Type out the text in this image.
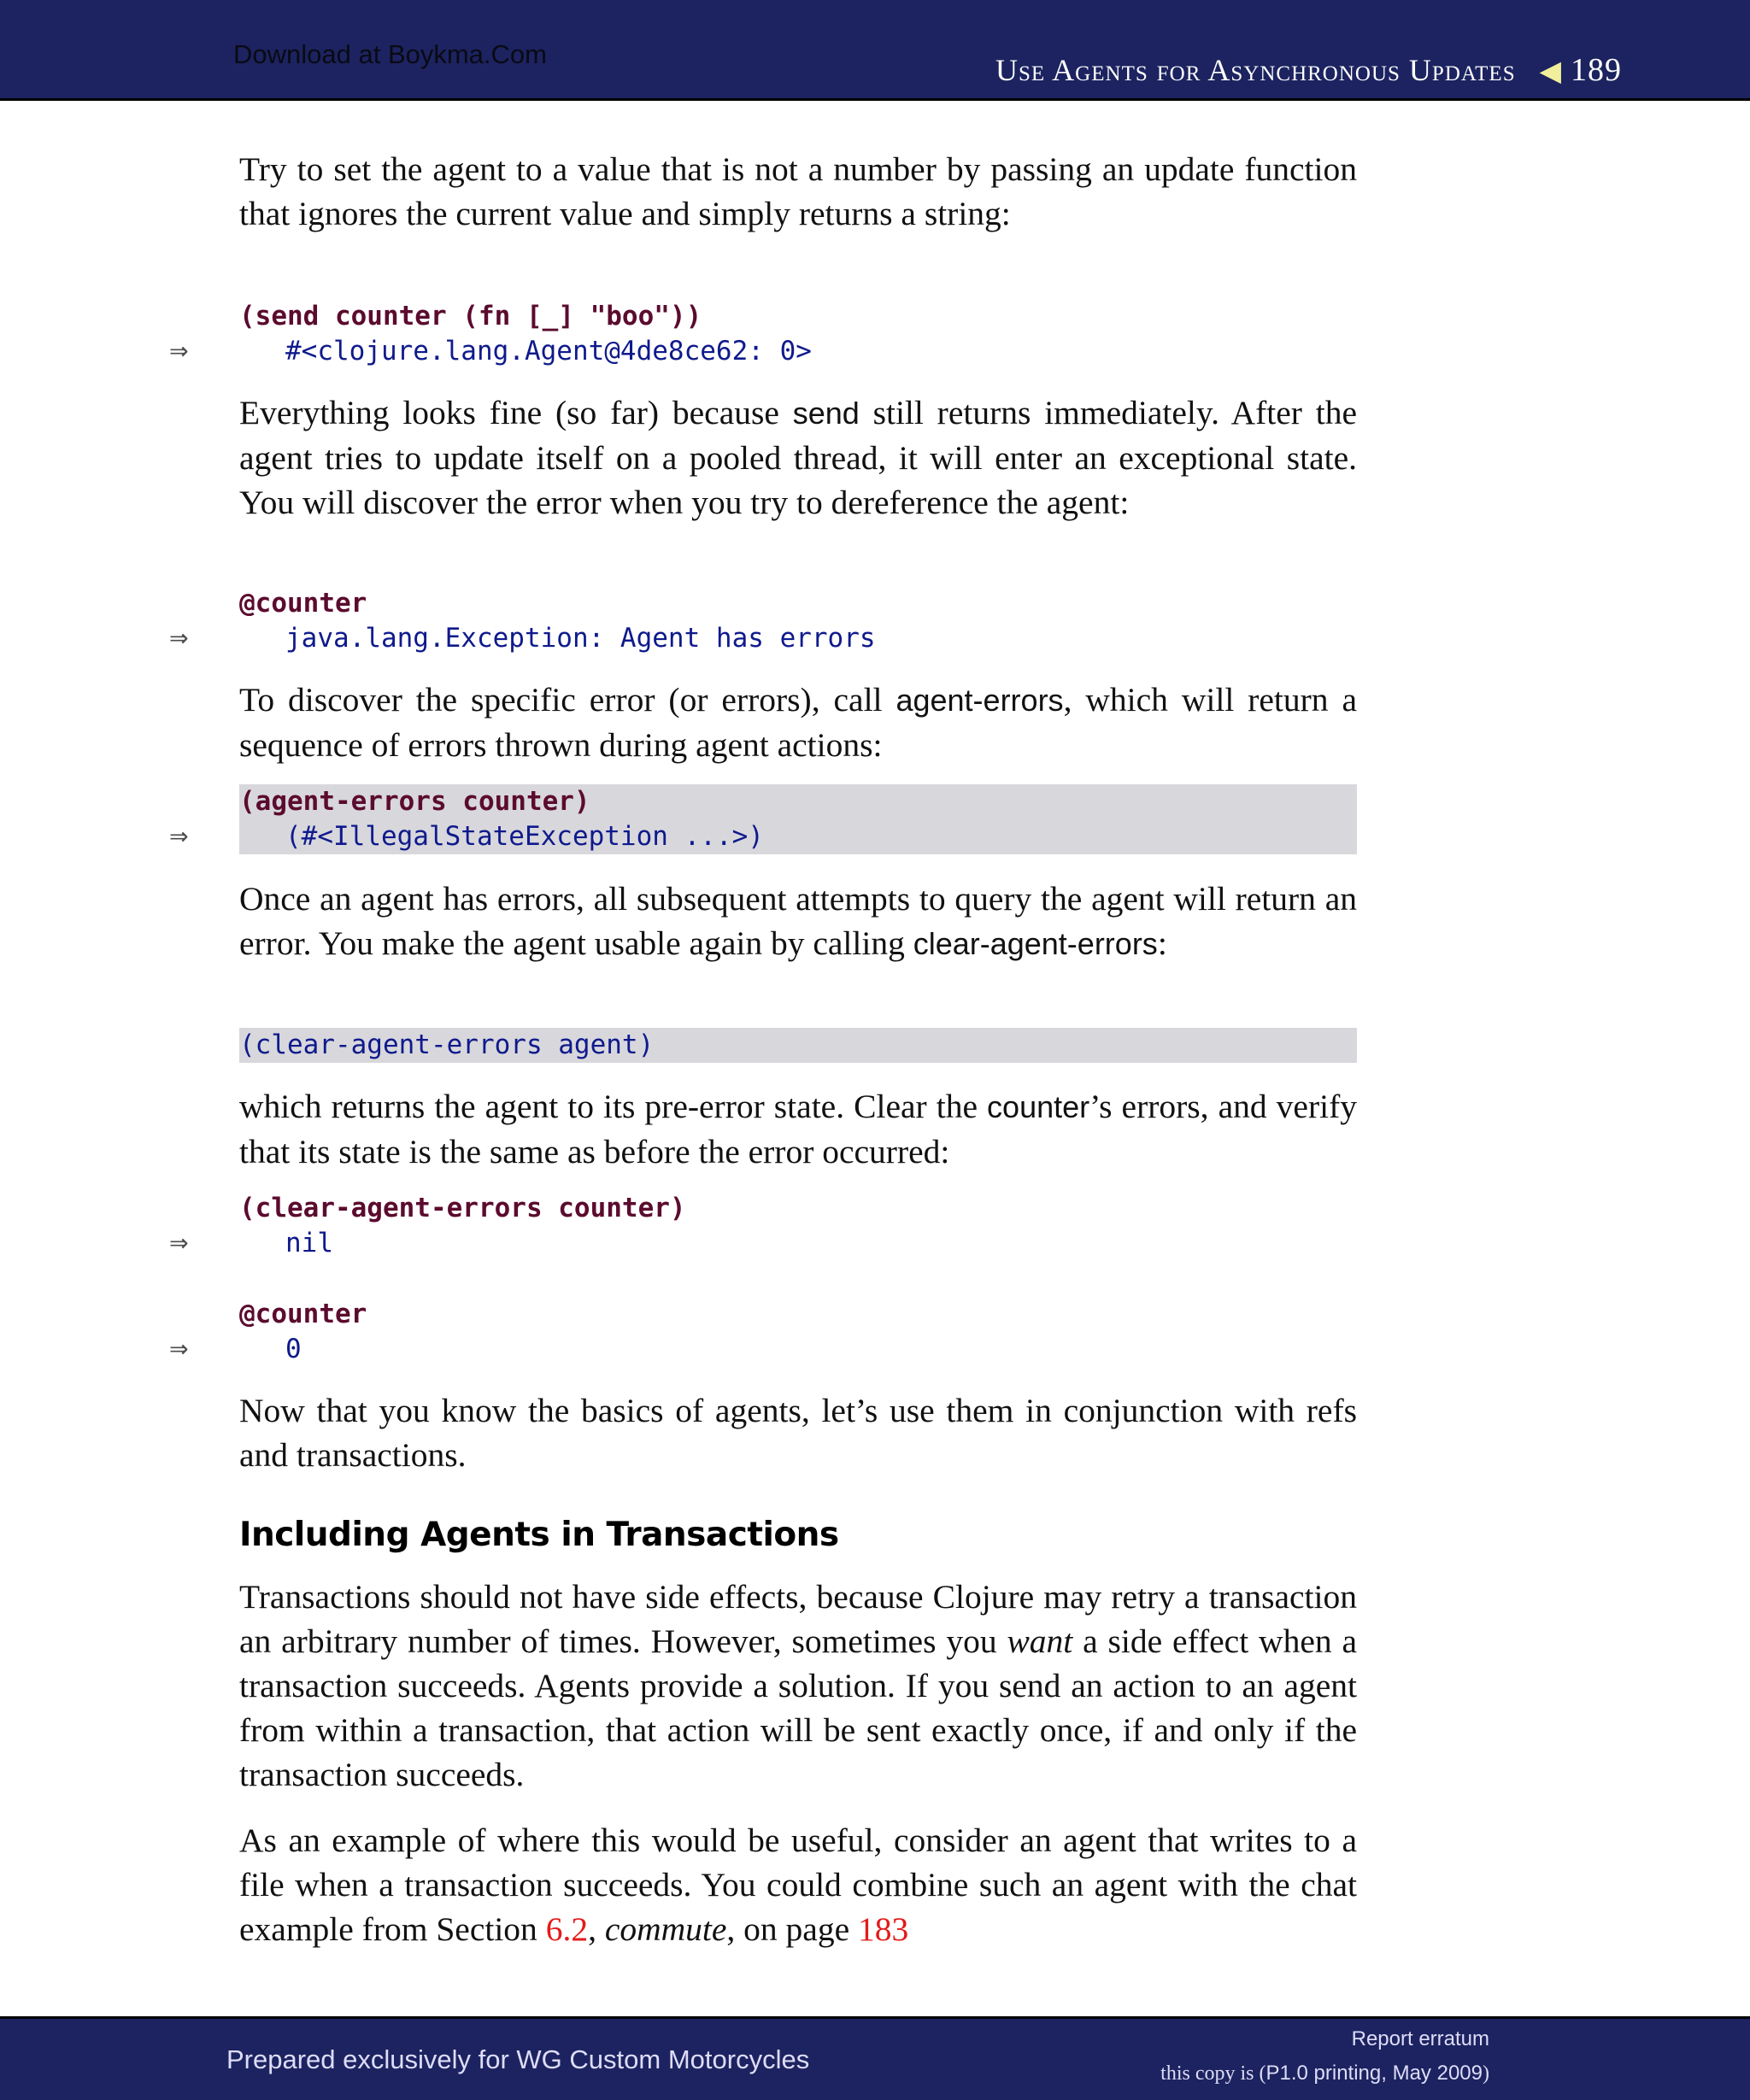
Download at Boykma.Com	Use Agents for Asynchronous Updates ◀ 189

Try to set the agent to a value that is not a number by passing an update function that ignores the current value and simply returns a string:

(send counter (fn [_] "boo"))
⇒	#<clojure.lang.Agent@4de8ce62: 0>

Everything looks fine (so far) because send still returns immediately. After the agent tries to update itself on a pooled thread, it will enter an exceptional state. You will discover the error when you try to dereference the agent:

@counter
⇒	java.lang.Exception: Agent has errors

To discover the specific error (or errors), call agent-errors, which will return a sequence of errors thrown during agent actions:

(agent-errors counter)
⇒	(#<IllegalStateException ...>)

Once an agent has errors, all subsequent attempts to query the agent will return an error. You make the agent usable again by calling clear-agent-errors:

(clear-agent-errors agent)

which returns the agent to its pre-error state. Clear the counter’s errors, and verify that its state is the same as before the error occurred:

(clear-agent-errors counter)
⇒	nil
@counter
⇒	0

Now that you know the basics of agents, let’s use them in conjunction with refs and transactions.

Including Agents in Transactions

Transactions should not have side effects, because Clojure may retry a transaction an arbitrary number of times. However, sometimes you want a side effect when a transaction succeeds. Agents provide a solution. If you send an action to an agent from within a transaction, that action will be sent exactly once, if and only if the transaction succeeds.

As an example of where this would be useful, consider an agent that writes to a file when a transaction succeeds. You could combine such an agent with the chat example from Section 6.2, commute, on page 183

Prepared exclusively for WG Custom Motorcycles
Report erratum
this copy is (P1.0 printing, May 2009)
